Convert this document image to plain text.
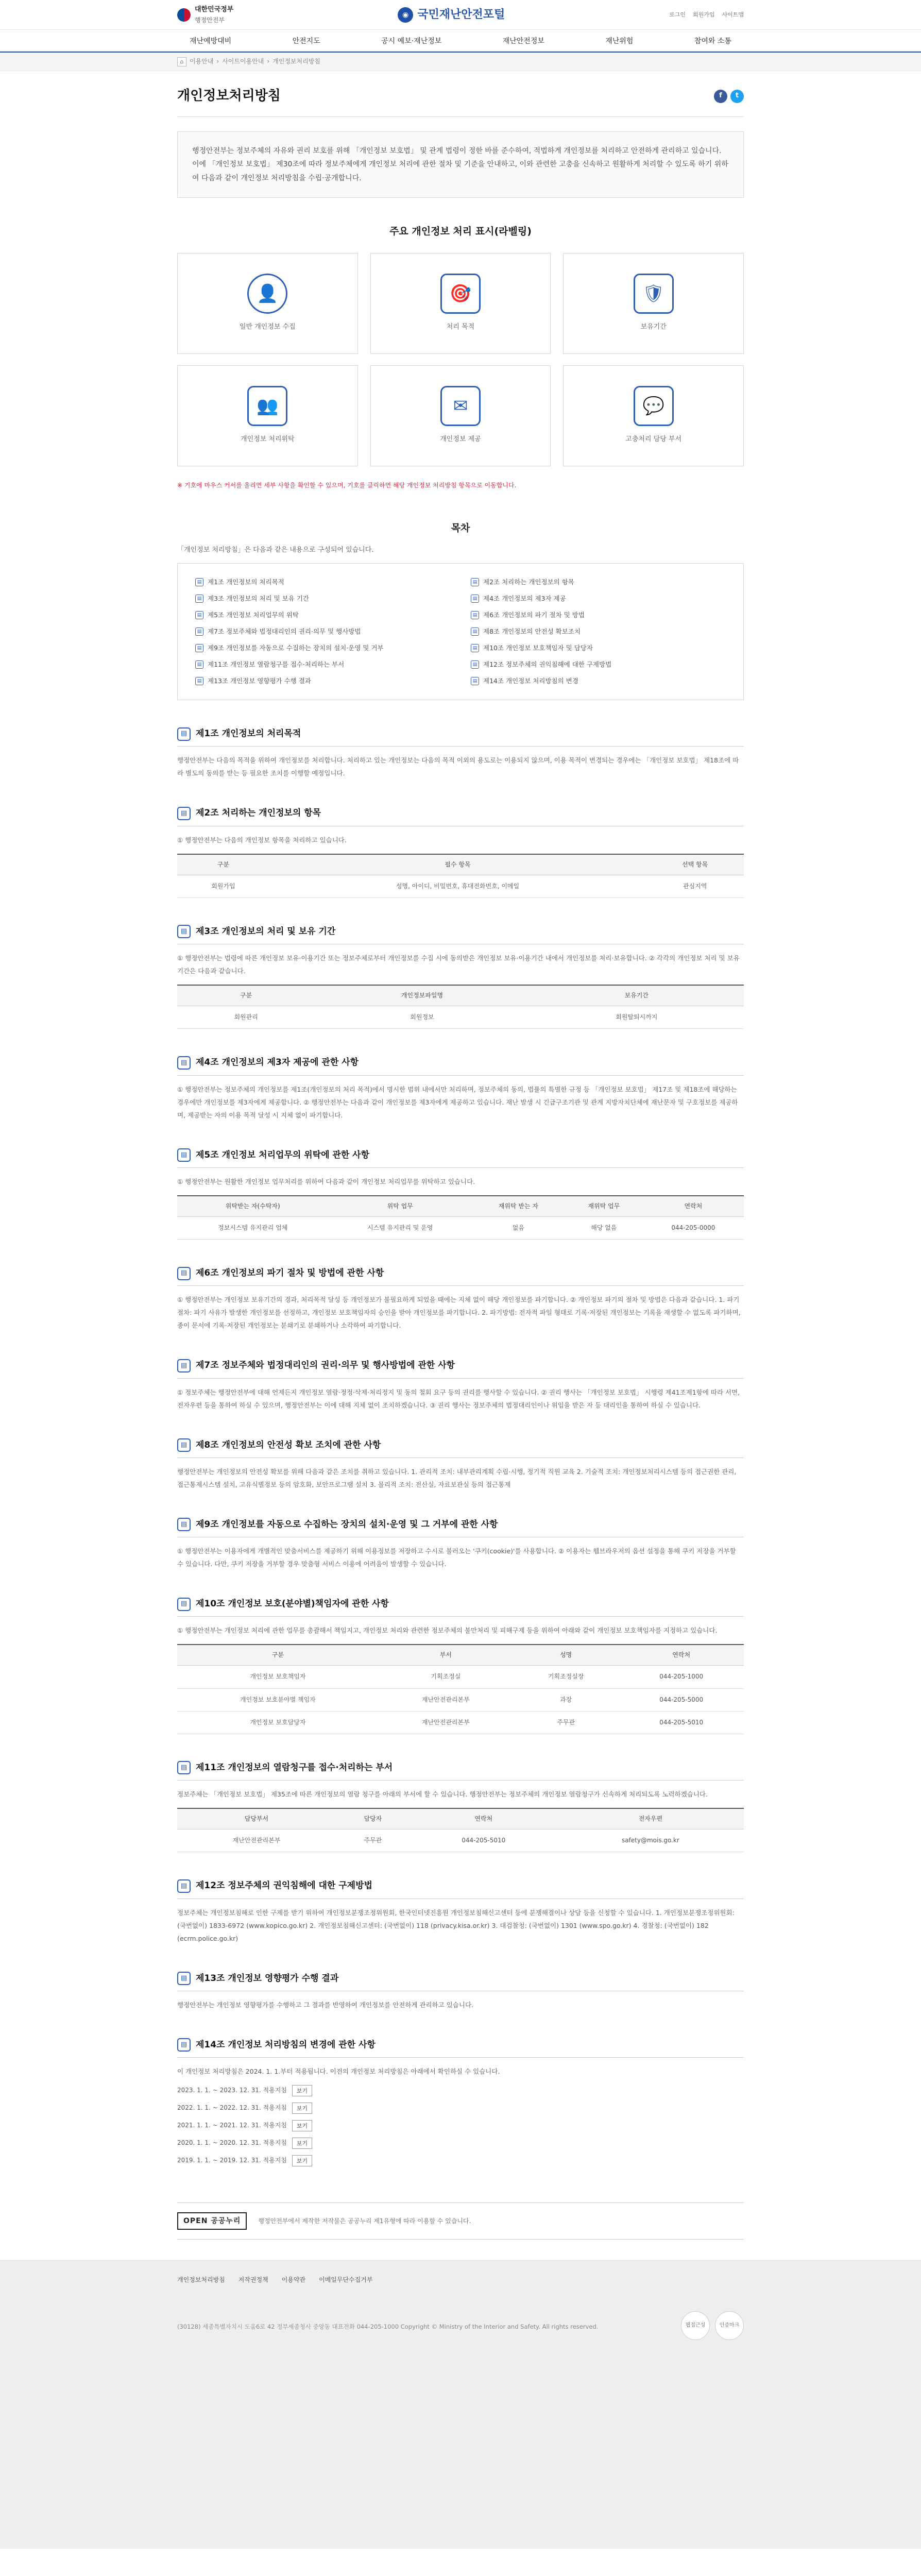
대한민국정부
행정안전부
◉ 국민재난안전포털	로그인 회원가입 사이트맵
재난예방대비	안전지도	공시 예보·재난정보	재난안전정보	재난위험	참여와 소통
⌂ 이용안내 › 사이트이용안내 › 개인정보처리방침
개인정보처리방침	f	t
행정안전부는 정보주체의 자유와 권리 보호를 위해 「개인정보 보호법」 및 관계 법령이 정한 바를 준수하여, 적법하게 개인정보를 처리하고 안전하게 관리하고 있습니다. 이에 「개인정보 보호법」 제30조에 따라 정보주체에게 개인정보 처리에 관한 절차 및 기준을 안내하고, 이와 관련한 고충을 신속하고 원활하게 처리할 수 있도록 하기 위하여 다음과 같이 개인정보 처리방침을 수립·공개합니다.
주요 개인정보 처리 표시(라벨링)
👤
일반 개인정보 수집
🎯
처리 목적
🛡
보유기간
👥
개인정보 처리위탁
✉
개인정보 제공
💬
고충처리 담당 부서

※ 기호에 마우스 커서를 올리면 세부 사항을 확인할 수 있으며, 기호를 클릭하면 해당 개인정보 처리방침 항목으로 이동합니다.

목차

「개인정보 처리방침」은 다음과 같은 내용으로 구성되어 있습니다.

▤ 제1조 개인정보의 처리목적	▤ 제2조 처리하는 개인정보의 항목
▤ 제3조 개인정보의 처리 및 보유 기간	▤ 제4조 개인정보의 제3자 제공
▤ 제5조 개인정보 처리업무의 위탁	▤ 제6조 개인정보의 파기 절차 및 방법
▤ 제7조 정보주체와 법정대리인의 권리·의무 및 행사방법	▤ 제8조 개인정보의 안전성 확보조치
▤ 제9조 개인정보를 자동으로 수집하는 장치의 설치·운영 및 거부	▤ 제10조 개인정보 보호책임자 및 담당자
▤ 제11조 개인정보 열람청구를 접수·처리하는 부서	▤ 제12조 정보주체의 권익침해에 대한 구제방법
▤ 제13조 개인정보 영향평가 수행 결과	▤ 제14조 개인정보 처리방침의 변경
▤ 제1조 개인정보의 처리목적

행정안전부는 다음의 목적을 위하여 개인정보를 처리합니다. 처리하고 있는 개인정보는 다음의 목적 이외의 용도로는 이용되지 않으며, 이용 목적이 변경되는 경우에는 「개인정보 보호법」 제18조에 따라 별도의 동의를 받는 등 필요한 조치를 이행할 예정입니다.

▤ 제2조 처리하는 개인정보의 항목

① 행정안전부는 다음의 개인정보 항목을 처리하고 있습니다.

구분	필수 항목	선택 항목
회원가입	성명, 아이디, 비밀번호, 휴대전화번호, 이메일	관심지역
▤ 제3조 개인정보의 처리 및 보유 기간

① 행정안전부는 법령에 따른 개인정보 보유·이용기간 또는 정보주체로부터 개인정보를 수집 시에 동의받은 개인정보 보유·이용기간 내에서 개인정보를 처리·보유합니다. ② 각각의 개인정보 처리 및 보유 기간은 다음과 같습니다.

구분	개인정보파일명	보유기간
회원관리	회원정보	회원탈퇴시까지
▤ 제4조 개인정보의 제3자 제공에 관한 사항

① 행정안전부는 정보주체의 개인정보를 제1조(개인정보의 처리 목적)에서 명시한 범위 내에서만 처리하며, 정보주체의 동의, 법률의 특별한 규정 등 「개인정보 보호법」 제17조 및 제18조에 해당하는 경우에만 개인정보를 제3자에게 제공합니다. ② 행정안전부는 다음과 같이 개인정보를 제3자에게 제공하고 있습니다. 재난 발생 시 긴급구조기관 및 관계 지방자치단체에 재난문자 및 구호정보를 제공하며, 제공받는 자의 이용 목적 달성 시 지체 없이 파기합니다.

▤ 제5조 개인정보 처리업무의 위탁에 관한 사항

① 행정안전부는 원활한 개인정보 업무처리를 위하여 다음과 같이 개인정보 처리업무를 위탁하고 있습니다.

위탁받는 자(수탁자)	위탁 업무	재위탁 받는 자	재위탁 업무	연락처
정보시스템 유지관리 업체	시스템 유지관리 및 운영	없음	해당 없음	044-205-0000
▤ 제6조 개인정보의 파기 절차 및 방법에 관한 사항

① 행정안전부는 개인정보 보유기간의 경과, 처리목적 달성 등 개인정보가 불필요하게 되었을 때에는 지체 없이 해당 개인정보를 파기합니다. ② 개인정보 파기의 절차 및 방법은 다음과 같습니다. 1. 파기절차: 파기 사유가 발생한 개인정보를 선정하고, 개인정보 보호책임자의 승인을 받아 개인정보를 파기합니다. 2. 파기방법: 전자적 파일 형태로 기록·저장된 개인정보는 기록을 재생할 수 없도록 파기하며, 종이 문서에 기록·저장된 개인정보는 분쇄기로 분쇄하거나 소각하여 파기합니다.

▤ 제7조 정보주체와 법정대리인의 권리·의무 및 행사방법에 관한 사항

① 정보주체는 행정안전부에 대해 언제든지 개인정보 열람·정정·삭제·처리정지 및 동의 철회 요구 등의 권리를 행사할 수 있습니다. ② 권리 행사는 「개인정보 보호법」 시행령 제41조제1항에 따라 서면, 전자우편 등을 통하여 하실 수 있으며, 행정안전부는 이에 대해 지체 없이 조치하겠습니다. ③ 권리 행사는 정보주체의 법정대리인이나 위임을 받은 자 등 대리인을 통하여 하실 수 있습니다.

▤ 제8조 개인정보의 안전성 확보 조치에 관한 사항

행정안전부는 개인정보의 안전성 확보를 위해 다음과 같은 조치를 취하고 있습니다. 1. 관리적 조치: 내부관리계획 수립·시행, 정기적 직원 교육 2. 기술적 조치: 개인정보처리시스템 등의 접근권한 관리, 접근통제시스템 설치, 고유식별정보 등의 암호화, 보안프로그램 설치 3. 물리적 조치: 전산실, 자료보관실 등의 접근통제

▤ 제9조 개인정보를 자동으로 수집하는 장치의 설치·운영 및 그 거부에 관한 사항

① 행정안전부는 이용자에게 개별적인 맞춤서비스를 제공하기 위해 이용정보를 저장하고 수시로 불러오는 '쿠키(cookie)'를 사용합니다. ② 이용자는 웹브라우저의 옵션 설정을 통해 쿠키 저장을 거부할 수 있습니다. 다만, 쿠키 저장을 거부할 경우 맞춤형 서비스 이용에 어려움이 발생할 수 있습니다.

▤ 제10조 개인정보 보호(분야별)책임자에 관한 사항

① 행정안전부는 개인정보 처리에 관한 업무를 총괄해서 책임지고, 개인정보 처리와 관련한 정보주체의 불만처리 및 피해구제 등을 위하여 아래와 같이 개인정보 보호책임자를 지정하고 있습니다.

구분	부서	성명	연락처
개인정보 보호책임자	기획조정실	기획조정실장	044-205-1000
개인정보 보호분야별 책임자	재난안전관리본부	과장	044-205-5000
개인정보 보호담당자	재난안전관리본부	주무관	044-205-5010
▤ 제11조 개인정보의 열람청구를 접수·처리하는 부서

정보주체는 「개인정보 보호법」 제35조에 따른 개인정보의 열람 청구를 아래의 부서에 할 수 있습니다. 행정안전부는 정보주체의 개인정보 열람청구가 신속하게 처리되도록 노력하겠습니다.

담당부서	담당자	연락처	전자우편
재난안전관리본부	주무관	044-205-5010	safety@mois.go.kr
▤ 제12조 정보주체의 권익침해에 대한 구제방법

정보주체는 개인정보침해로 인한 구제를 받기 위하여 개인정보분쟁조정위원회, 한국인터넷진흥원 개인정보침해신고센터 등에 분쟁해결이나 상담 등을 신청할 수 있습니다. 1. 개인정보분쟁조정위원회: (국번없이) 1833-6972 (www.kopico.go.kr) 2. 개인정보침해신고센터: (국번없이) 118 (privacy.kisa.or.kr) 3. 대검찰청: (국번없이) 1301 (www.spo.go.kr) 4. 경찰청: (국번없이) 182 (ecrm.police.go.kr)

▤ 제13조 개인정보 영향평가 수행 결과

행정안전부는 개인정보 영향평가를 수행하고 그 결과를 반영하여 개인정보를 안전하게 관리하고 있습니다.

▤ 제14조 개인정보 처리방침의 변경에 관한 사항

이 개인정보 처리방침은 2024. 1. 1.부터 적용됩니다. 이전의 개인정보 처리방침은 아래에서 확인하실 수 있습니다.

2023. 1. 1. ~ 2023. 12. 31. 적용지침	보기
2022. 1. 1. ~ 2022. 12. 31. 적용지침	보기
2021. 1. 1. ~ 2021. 12. 31. 적용지침	보기
2020. 1. 1. ~ 2020. 12. 31. 적용지침	보기
2019. 1. 1. ~ 2019. 12. 31. 적용지침	보기
OPEN 공공누리	행정안전부에서 제작한 저작물은 공공누리 제1유형에 따라 이용할 수 있습니다.
개인정보처리방침 저작권정책 이용약관 이메일무단수집거부

(30128) 세종특별자치시 도움6로 42 정부세종청사 중앙동 대표전화 044-205-1000 Copyright © Ministry of the Interior and Safety. All rights reserved.	웹접근성	인증마크
